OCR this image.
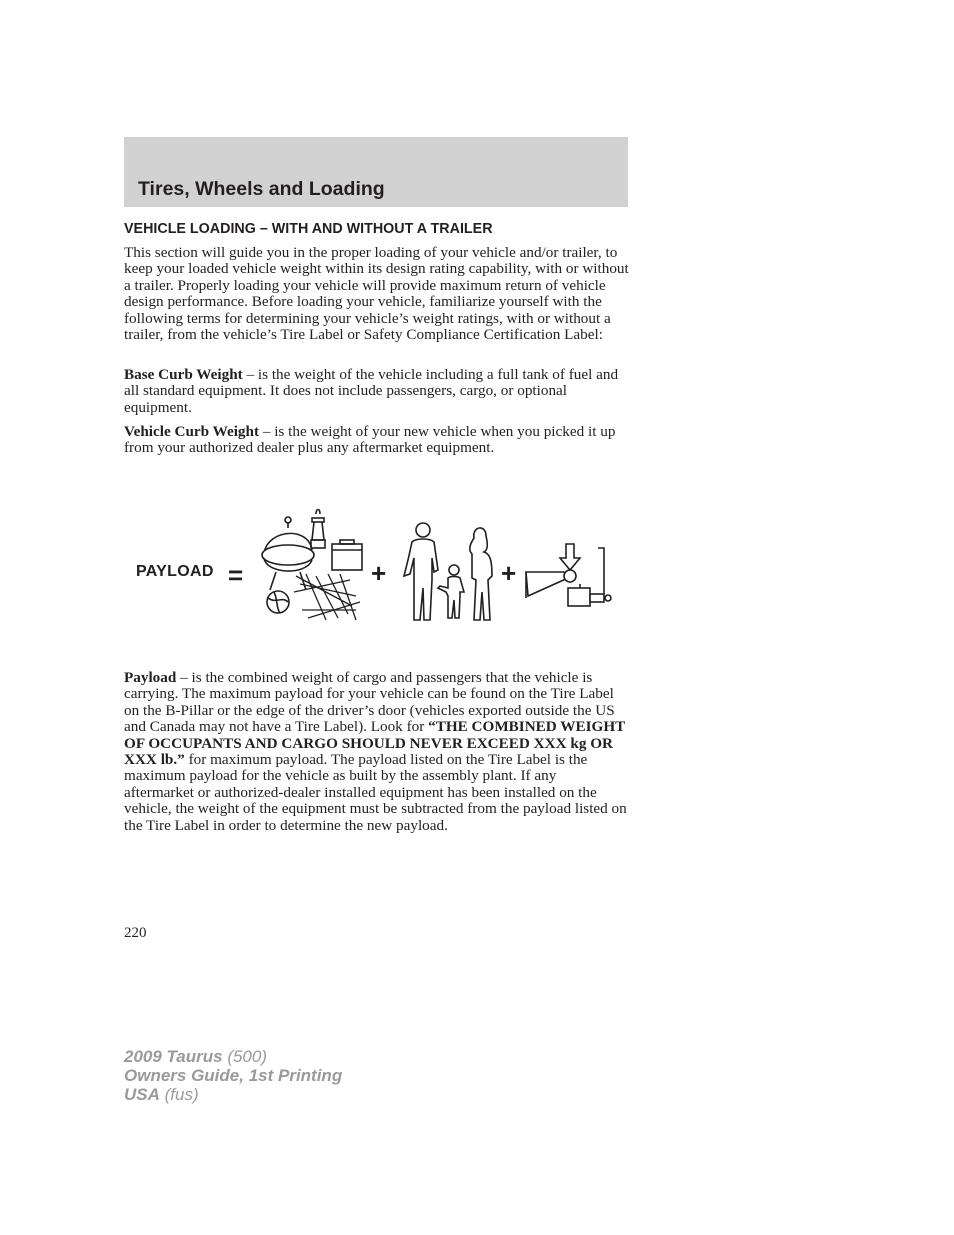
Tires, Wheels and Loading
VEHICLE LOADING – WITH AND WITHOUT A TRAILER

This section will guide you in the proper loading of your vehicle and/or trailer, to keep your loaded vehicle weight within its design rating capability, with or without a trailer. Properly loading your vehicle will provide maximum return of vehicle design performance. Before loading your vehicle, familiarize yourself with the following terms for determining your vehicle’s weight ratings, with or without a trailer, from the vehicle’s Tire Label or Safety Compliance Certification Label:

Base Curb Weight – is the weight of the vehicle including a full tank of fuel and all standard equipment. It does not include passengers, cargo, or optional equipment.

Vehicle Curb Weight – is the weight of your new vehicle when you picked it up from your authorized dealer plus any aftermarket equipment.

PAYLOAD =	+	+

Payload – is the combined weight of cargo and passengers that the vehicle is carrying. The maximum payload for your vehicle can be found on the Tire Label on the B-Pillar or the edge of the driver’s door (vehicles exported outside the US and Canada may not have a Tire Label). Look for “THE COMBINED WEIGHT OF OCCUPANTS AND CARGO SHOULD NEVER EXCEED XXX kg OR XXX lb.” for maximum payload. The payload listed on the Tire Label is the maximum payload for the vehicle as built by the assembly plant. If any aftermarket or authorized-dealer installed equipment has been installed on the vehicle, the weight of the equipment must be subtracted from the payload listed on the Tire Label in order to determine the new payload.

220
2009 Taurus (500)
Owners Guide, 1st Printing
USA (fus)
